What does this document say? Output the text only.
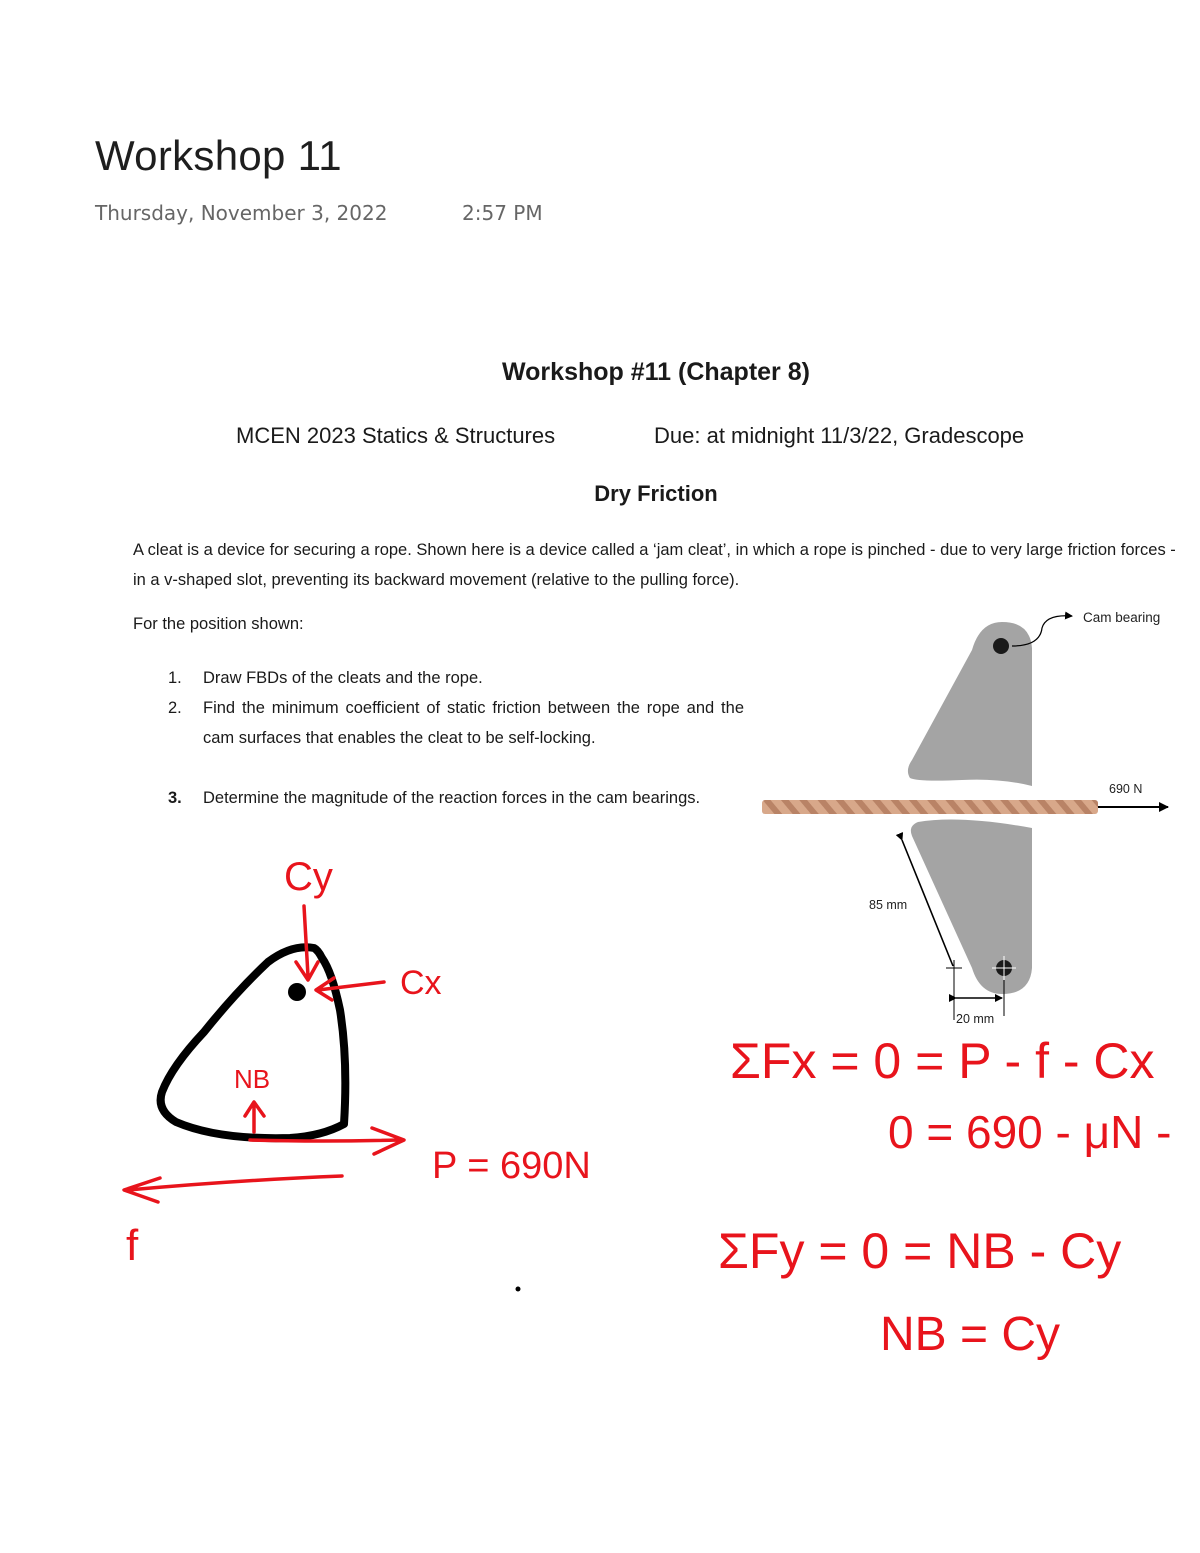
Workshop 11
Thursday, November 3, 2022	2:57 PM
Workshop #11 (Chapter 8)
MCEN 2023 Statics & Structures	Due: at midnight 11/3/22, Gradescope
Dry Friction
A cleat is a device for securing a rope. Shown here is a device called a ‘jam cleat’, in which a rope is pinched - due to very large friction forces - in a v-shaped slot, preventing its backward movement (relative to the pulling force).
For the position shown:
1.	Draw FBDs of the cleats and the rope.
2.	Find the minimum coefficient of static friction between the rope and the cam surfaces that enables the cleat to be self-locking.
3.	Determine the magnitude of the reaction forces in the cam bearings.
Cam bearing
690 N
85 mm
20 mm
Cy
Cx
NB
f
P = 690N
ΣFx = 0 = P - f - Cx
0 = 690 - μN -
ΣFy = 0 = NB - Cy
NB = Cy
